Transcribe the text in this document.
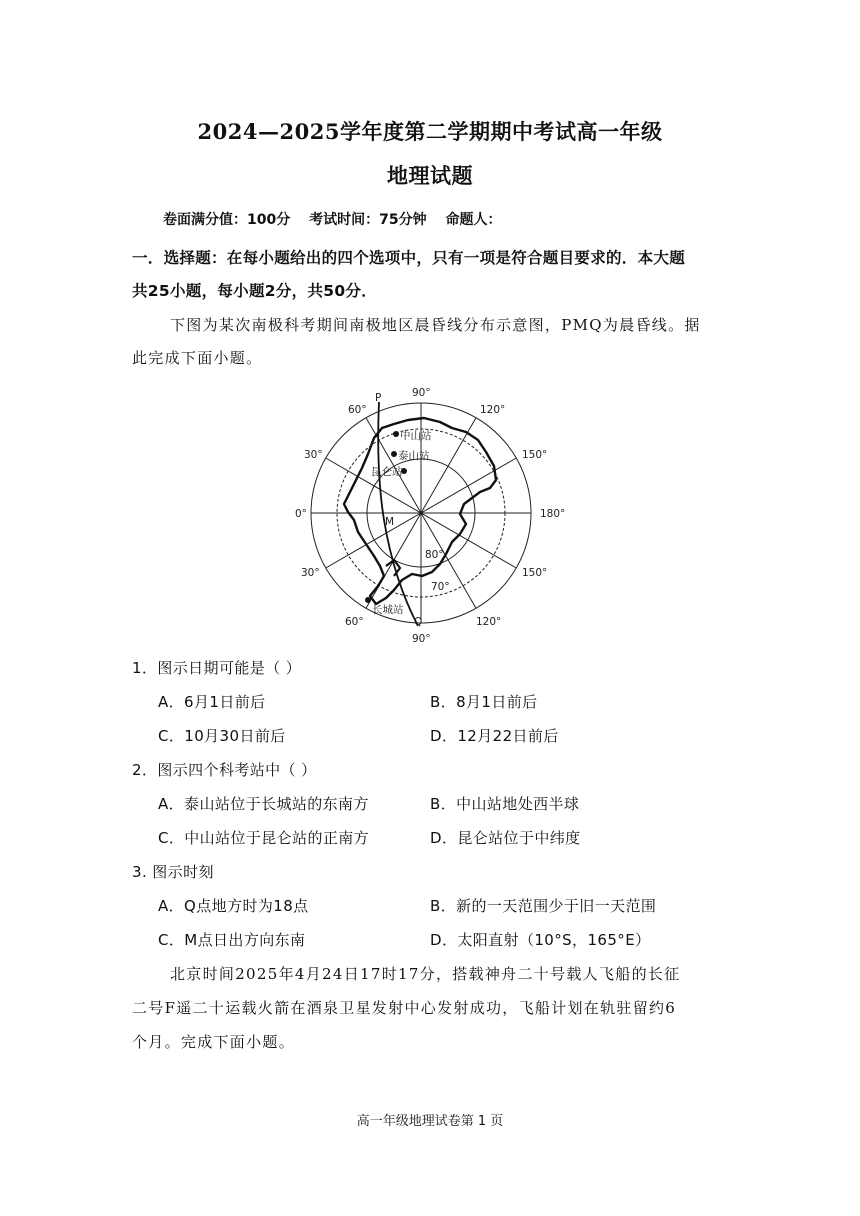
2024—2025学年度第二学期期中考试高一年级
地理试题
卷面满分值：100分 考试时间：75分钟 命题人：

一．选择题：在每小题给出的四个选项中，只有一项是符合题目要求的．本大题

共25小题，每小题2分，共50分．

下图为某次南极科考期间南极地区晨昏线分布示意图，PMQ为晨昏线。据

此完成下面小题。

中山站
泰山站
昆仑站
长城站
P
M
Q
90°
120°
150°
180°
150°
120°
90°
60°
30°
0°
30°
60°
80°
70°

1．图示日期可能是（ ）

A．6月1日前后	B．8月1日前后

C．10月30日前后	D．12月22日前后

2．图示四个科考站中（ ）

A．泰山站位于长城站的东南方	B．中山站地处西半球

C．中山站位于昆仑站的正南方	D．昆仑站位于中纬度

3. 图示时刻

A．Q点地方时为18点	B．新的一天范围少于旧一天范围

C．M点日出方向东南	D．太阳直射（10°S，165°E）

北京时间2025年4月24日17时17分，搭载神舟二十号载人飞船的长征

二号F遥二十运载火箭在酒泉卫星发射中心发射成功，飞船计划在轨驻留约6

个月。完成下面小题。

高一年级地理试卷第 1 页
